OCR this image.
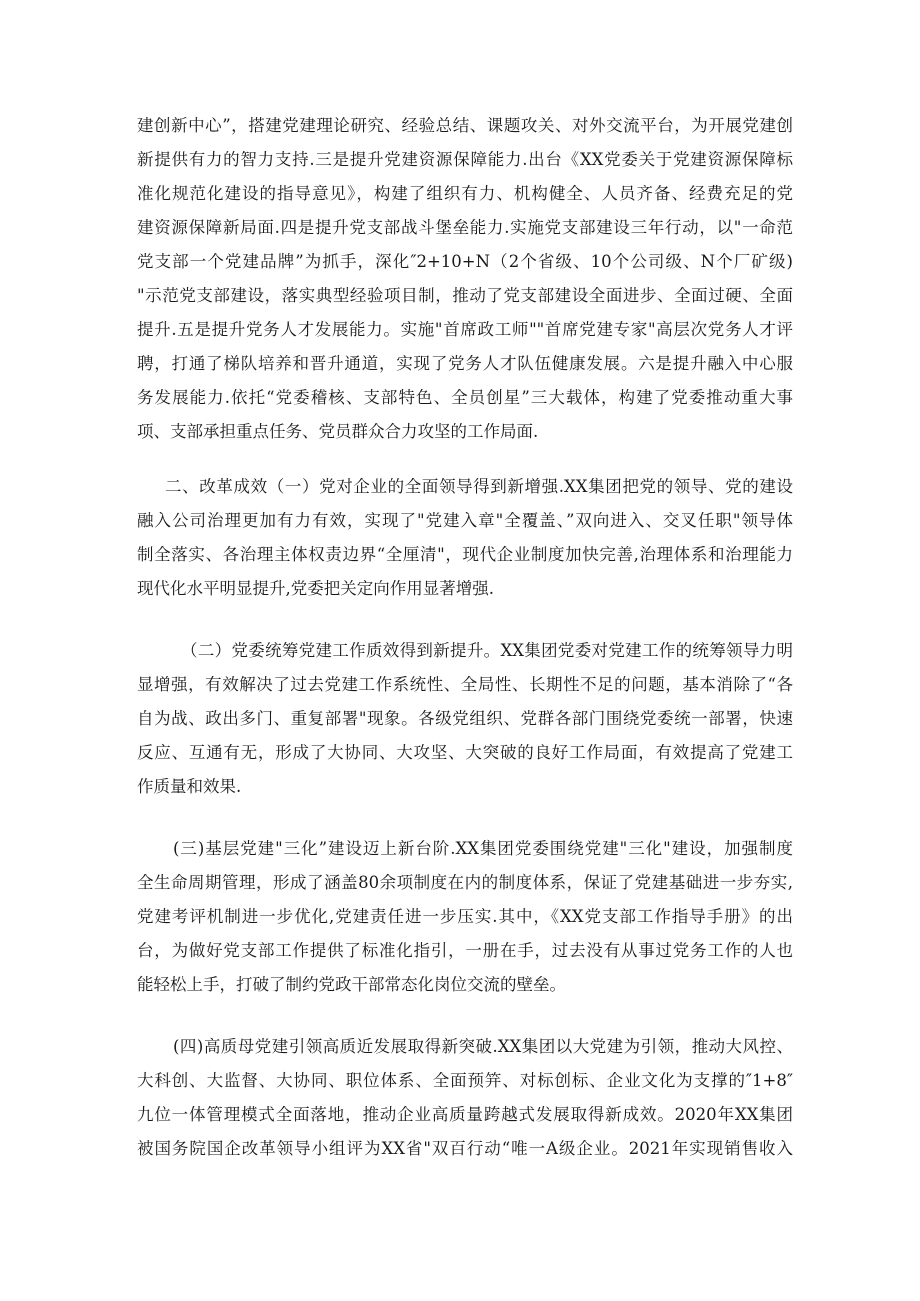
建创新中心”，搭建党建理论研究、经验总结、课题攻关、对外交流平台，为开展党建创
新提供有力的智力支持.三是提升党建资源保障能力.出台《XX党委关于党建资源保障标
准化规范化建设的指导意见》，构建了组织有力、机构健全、人员齐备、经费充足的党
建资源保障新局面.四是提升党支部战斗堡垒能力.实施党支部建设三年行动，以"一命范
党支部一个党建品牌”为抓手，深化″2+10+N（2个省级、10个公司级、N个厂矿级)
"示范党支部建设，落实典型经验项目制，推动了党支部建设全面进步、全面过硬、全面
提升.五是提升党务人才发展能力。实施"首席政工师""首席党建专家"高层次党务人才评
聘，打通了梯队培养和晋升通道，实现了党务人才队伍健康发展。六是提升融入中心服
务发展能力.依托“党委稽核、支部特色、全员创星”三大载体，构建了党委推动重大事
项、支部承担重点任务、党员群众合力攻坚的工作局面.
二、改革成效（一）党对企业的全面领导得到新增强.XX集团把党的领导、党的建设
融入公司治理更加有力有效，实现了"党建入章"全覆盖、”双向进入、交叉任职"领导体
制全落实、各治理主体权责边界“全厘清"，现代企业制度加快完善,治理体系和治理能力
现代化水平明显提升,党委把关定向作用显著增强.
（二）党委统筹党建工作质效得到新提升。XX集团党委对党建工作的统筹领导力明
显增强，有效解决了过去党建工作系统性、全局性、长期性不足的问题，基本消除了“各
自为战、政出多门、重复部署"现象。各级党组织、党群各部门围绕党委统一部署，快速
反应、互通有无，形成了大协同、大攻坚、大突破的良好工作局面，有效提高了党建工
作质量和效果.
(三)基层党建"三化”建设迈上新台阶.XX集团党委围绕党建"三化"建设，加强制度
全生命周期管理，形成了涵盖80余项制度在内的制度体系，保证了党建基础进一步夯实,
党建考评机制进一步优化,党建责任进一步压实.其中，《XX党支部工作指导手册》的出
台，为做好党支部工作提供了标准化指引，一册在手，过去没有从事过党务工作的人也
能轻松上手，打破了制约党政干部常态化岗位交流的壁垒。
(四)高质母党建引领高质近发展取得新突破.XX集团以大党建为引领，推动大风控、
大科创、大监督、大协同、职位体系、全面预笄、对标创标、企业文化为支撑的″1+8″
九位一体管理模式全面落地，推动企业高质量跨越式发展取得新成效。2020年XX集团
被国务院国企改革领导小组评为XX省"双百行动“唯一A级企业。2021年实现销售收入
